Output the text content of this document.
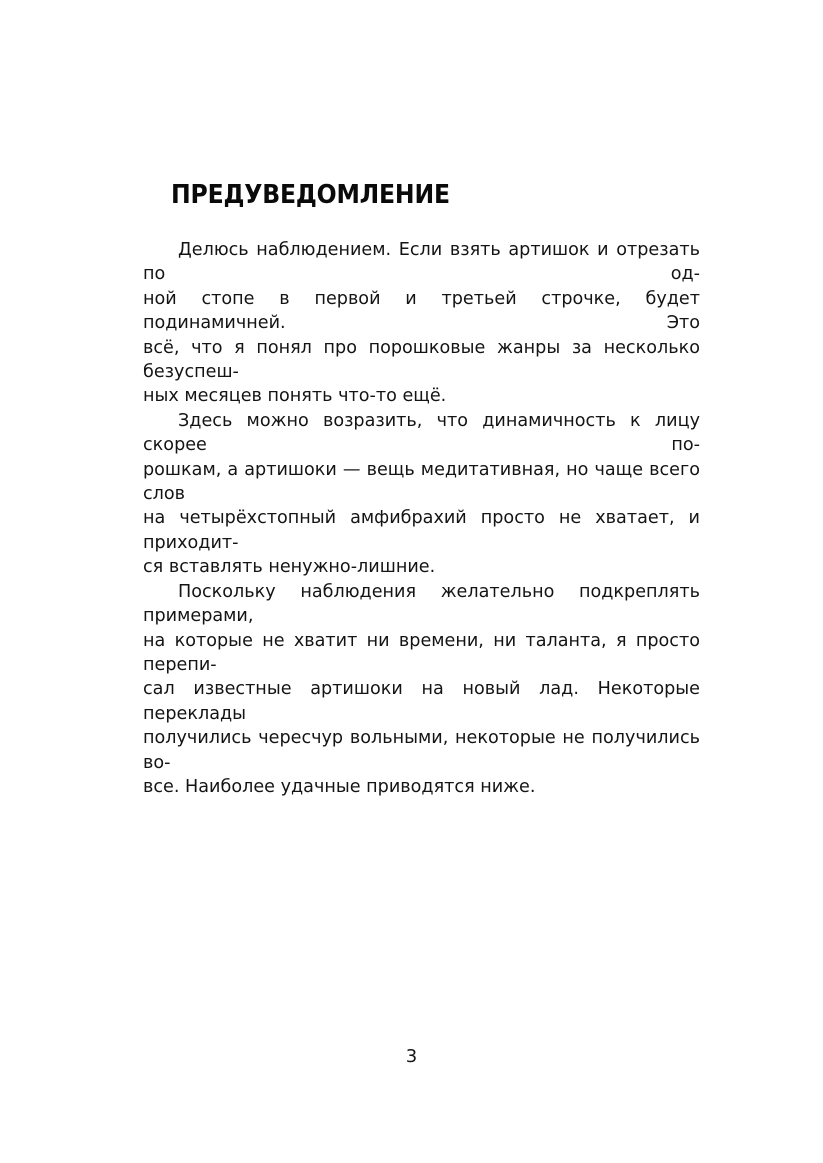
ПРЕДУВЕДОМЛЕНИЕ

Делюсь наблюдением. Если взять артишок и отрезать по од-
ной стопе в первой и третьей строчке, будет подинамичней. Это
всё, что я понял про порошковые жанры за несколько безуспеш-
ных месяцев понять что-то ещё.

Здесь можно возразить, что динамичность к лицу скорее по-
рошкам, а артишоки — вещь медитативная, но чаще всего слов
на четырёхстопный амфибрахий просто не хватает, и приходит-
ся вставлять ненужно-лишние.

Поскольку наблюдения желательно подкреплять примерами,
на которые не хватит ни времени, ни таланта, я просто перепи-
сал известные артишоки на новый лад. Некоторые переклады
получились чересчур вольными, некоторые не получились во-
все. Наиболее удачные приводятся ниже.

3
